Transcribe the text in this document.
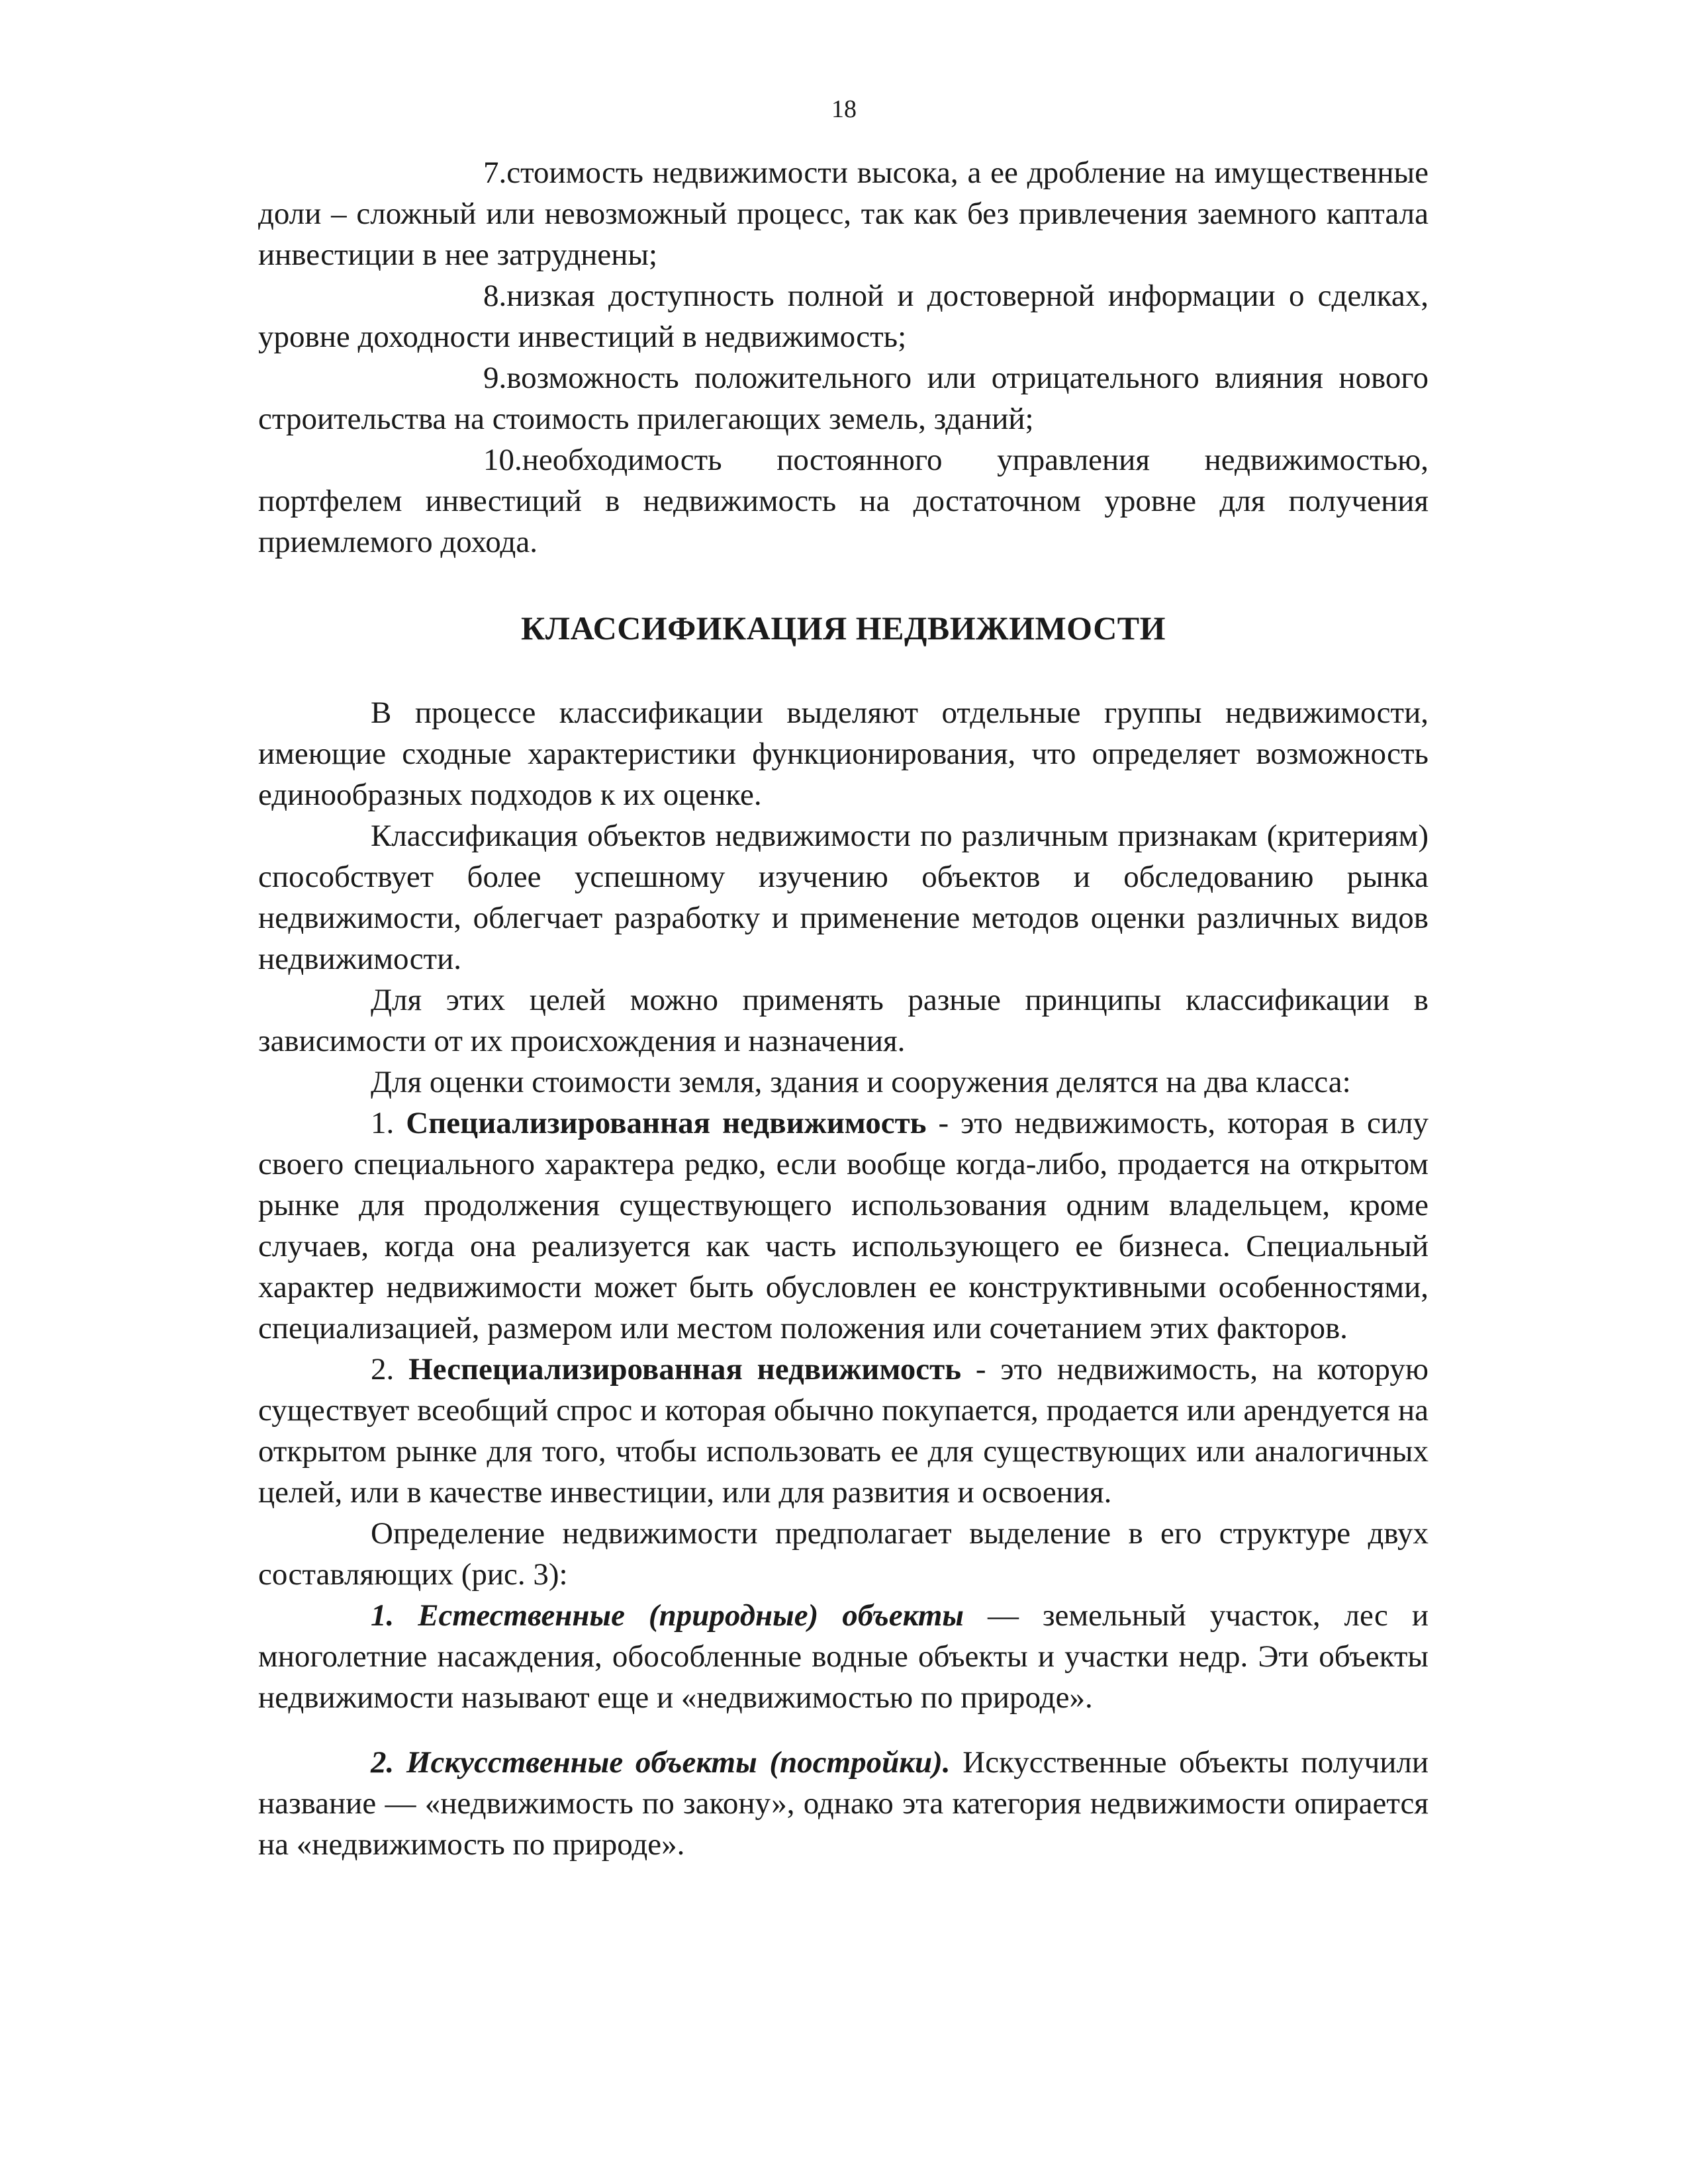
18

7.стоимость недвижимости высока, а ее дробление на имущественные доли – сложный или невозможный процесс, так как без привлечения заемного каптала инвестиции в нее затруднены;

8.низкая доступность полной и достоверной информации о сделках, уровне доходности инвестиций в недвижимость;

9.возможность положительного или отрицательного влияния нового строительства на стоимость прилегающих земель, зданий;

10.необходимость постоянного управления недвижимостью, портфелем инвестиций в недвижимость на достаточном уровне для получения приемлемого дохода.

КЛАССИФИКАЦИЯ НЕДВИЖИМОСТИ

В процессе классификации выделяют отдельные группы недвижимости, имеющие сходные характеристики функционирования, что определяет возможность единообразных подходов к их оценке.

Классификация объектов недвижимости по различным признакам (критериям) способствует более успешному изучению объектов и обследованию рынка недвижимости, облегчает разработку и применение методов оценки различных видов недвижимости.

Для этих целей можно применять разные принципы классификации в зависимости от их происхождения и назначения.

Для оценки стоимости земля, здания и сооружения делятся на два класса:

1. Специализированная недвижимость - это недвижимость, которая в силу своего специального характера редко, если вообще когда-либо, продается на открытом рынке для продолжения существующего использования одним владельцем, кроме случаев, когда она реализуется как часть использующего ее бизнеса. Специальный характер недвижимости может быть обусловлен ее конструктивными особенностями, специализацией, размером или местом положения или сочетанием этих факторов.

2. Неспециализированная недвижимость - это недвижимость, на которую существует всеобщий спрос и которая обычно покупается, продается или арендуется на открытом рынке для того, чтобы использовать ее для существующих или аналогичных целей, или в качестве инвестиции, или для развития и освоения.

Определение недвижимости предполагает выделение в его структуре двух составляющих (рис. 3):

1. Естественные (природные) объекты — земельный участок, лес и многолетние насаждения, обособленные водные объекты и участки недр. Эти объекты недвижимости называют еще и «недвижимостью по природе».

2. Искусственные объекты (постройки). Искусственные объекты получили название — «недвижимость по закону», однако эта категория недвижимости опирается на «недвижимость по природе».
